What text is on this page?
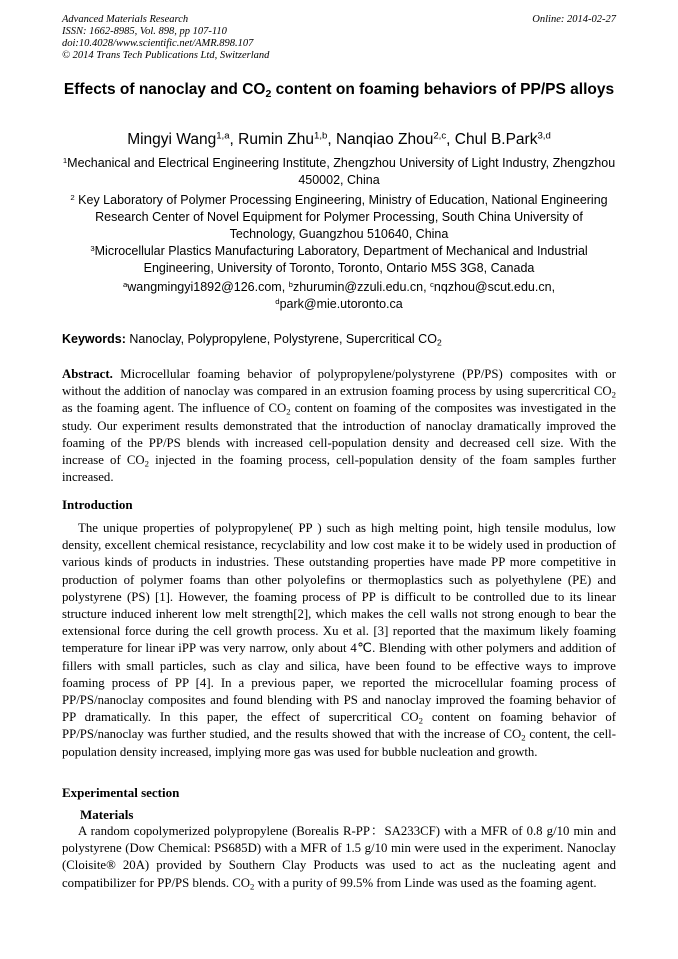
Advanced Materials Research
ISSN: 1662-8985, Vol. 898, pp 107-110
doi:10.4028/www.scientific.net/AMR.898.107
© 2014 Trans Tech Publications Ltd, Switzerland
Online: 2014-02-27
Effects of nanoclay and $CO_2$ content on foaming behaviors of PP/PS alloys
Mingyi Wang$^{1,a}$, Rumin Zhu$^{1,b}$, Nanqiao Zhou$^{2,c}$, Chul B.Park$^{3,d}$
$^1$Mechanical and Electrical Engineering Institute, Zhengzhou University of Light Industry, Zhengzhou 450002, China
$^2$ Key Laboratory of Polymer Processing Engineering, Ministry of Education, National Engineering Research Center of Novel Equipment for Polymer Processing, South China University of Technology, Guangzhou 510640, China
$^3$Microcellular Plastics Manufacturing Laboratory, Department of Mechanical and Industrial Engineering, University of Toronto, Toronto, Ontario M5S 3G8, Canada
$^a$wangmingyi1892@126.com, $^b$zhurumin@zzuli.edu.cn, $^c$nqzhou@scut.edu.cn,
$^d$park@mie.utoronto.ca
Keywords: Nanoclay, Polypropylene, Polystyrene, Supercritical $CO_2$
Abstract. Microcellular foaming behavior of polypropylene/polystyrene (PP/PS) composites with or without the addition of nanoclay was compared in an extrusion foaming process by using supercritical $CO_2$ as the foaming agent. The influence of $CO_2$ content on foaming of the composites was investigated in the study. Our experiment results demonstrated that the introduction of nanoclay dramatically improved the foaming of the PP/PS blends with increased cell-population density and decreased cell size. With the increase of $CO_2$ injected in the foaming process, cell-population density of the foam samples further increased.
Introduction
The unique properties of polypropylene( PP ) such as high melting point, high tensile modulus, low density, excellent chemical resistance, recyclability and low cost make it to be widely used in production of various kinds of products in industries. These outstanding properties have made PP more competitive in production of polymer foams than other polyolefins or thermoplastics such as polyethylene (PE) and polystyrene (PS) [1]. However, the foaming process of PP is difficult to be controlled due to its linear structure induced inherent low melt strength[2], which makes the cell walls not strong enough to bear the extensional force during the cell growth process. Xu et al. [3] reported that the maximum likely foaming temperature for linear iPP was very narrow, only about 4℃. Blending with other polymers and addition of fillers with small particles, such as clay and silica, have been found to be effective ways to improve foaming process of PP [4]. In a previous paper, we reported the microcellular foaming process of PP/PS/nanoclay composites and found blending with PS and nanoclay improved the foaming behavior of PP dramatically. In this paper, the effect of supercritical $CO_2$ content on foaming behavior of PP/PS/nanoclay was further studied, and the results showed that with the increase of $CO_2$ content, the cell-population density increased, implying more gas was used for bubble nucleation and growth.
Experimental section
Materials
A random copolymerized polypropylene (Borealis R-PP：SA233CF) with a MFR of 0.8 g/10 min and polystyrene (Dow Chemical: PS685D) with a MFR of 1.5 g/10 min were used in the experiment. Nanoclay (Cloisite® 20A) provided by Southern Clay Products was used to act as the nucleating agent and compatibilizer for PP/PS blends. $CO_2$ with a purity of 99.5% from Linde was used as the foaming agent.
